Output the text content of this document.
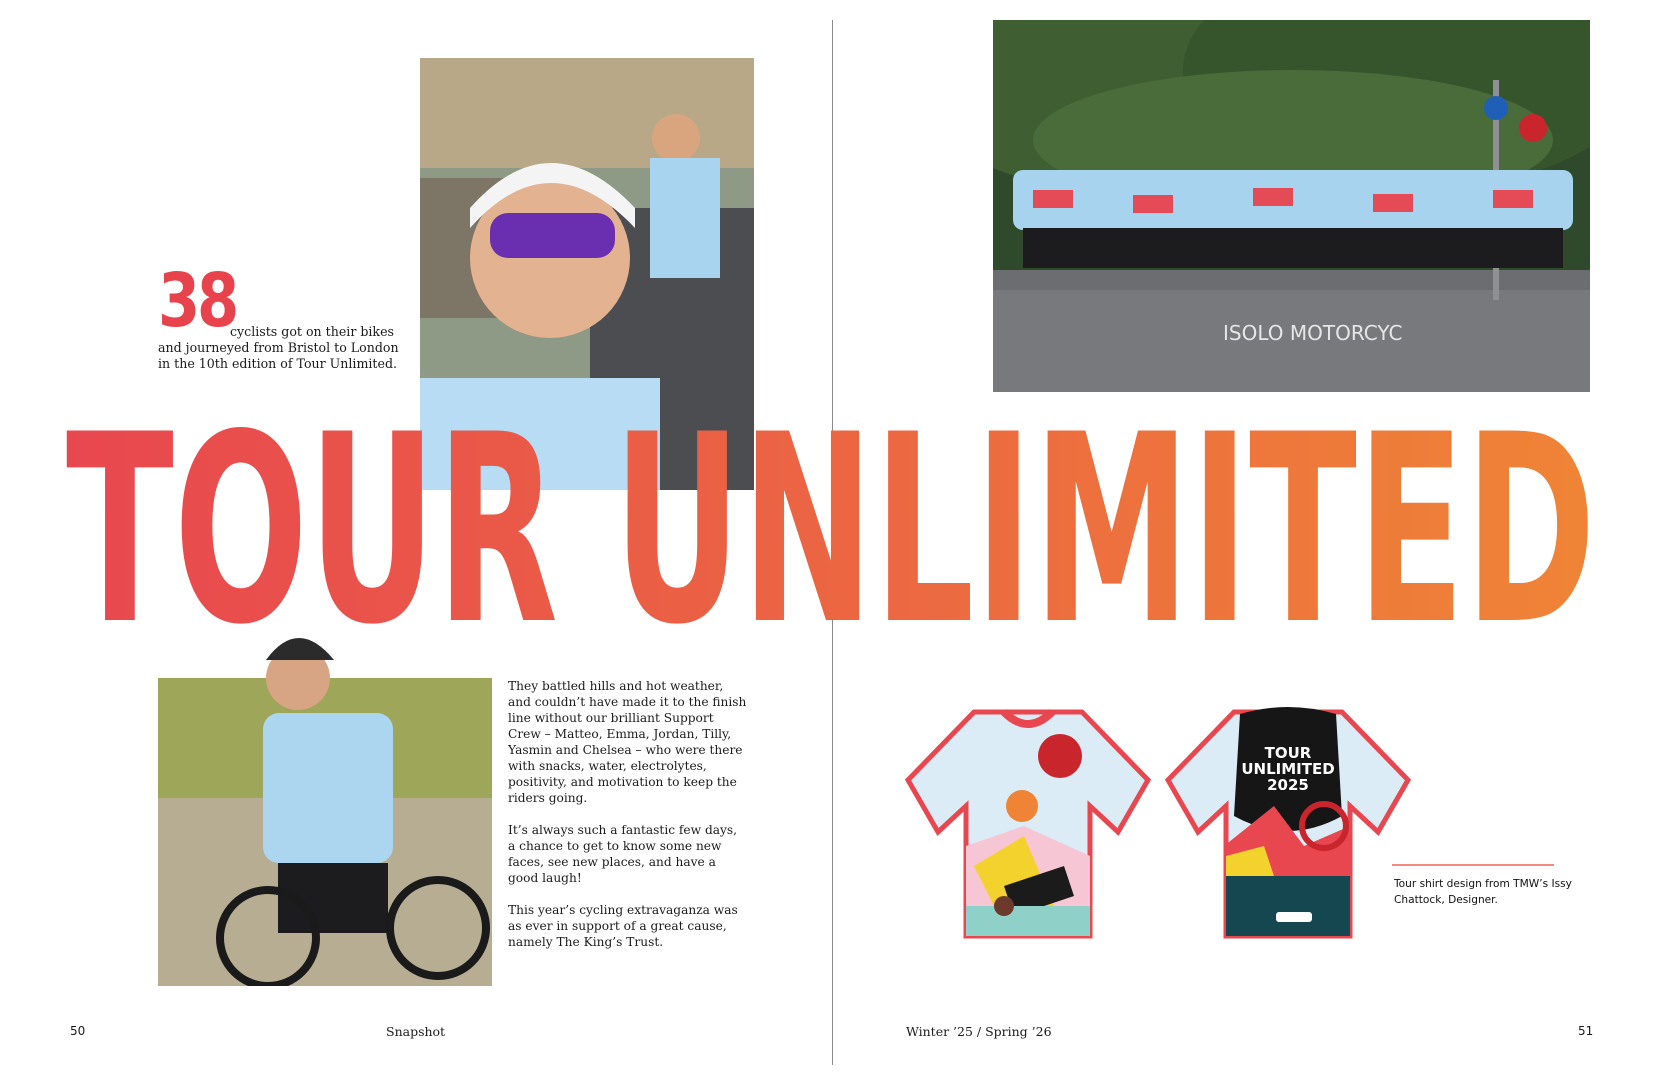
ISOLO MOTORCYC
TOUR UNLIMITED
38
cyclists got on their bikes
and journeyed from Bristol to London
in the 10th edition of Tour Unlimited.

They battled hills and hot weather, and couldn’t have made it to the finish line without our brilliant Support Crew – Matteo, Emma, Jordan, Tilly, Yasmin and Chelsea – who were there with snacks, water, electrolytes, positivity, and motivation to keep the riders going.

It’s always such a fantastic few days, a chance to get to know some new faces, see new places, and have a good laugh!

This year’s cycling extravaganza was as ever in support of a great cause, namely The King’s Trust.

TOUR
UNLIMITED
2025
Tour shirt design from TMW’s Issy Chattock, Designer.
50	Snapshot	Winter ’25 / Spring ’26	51
